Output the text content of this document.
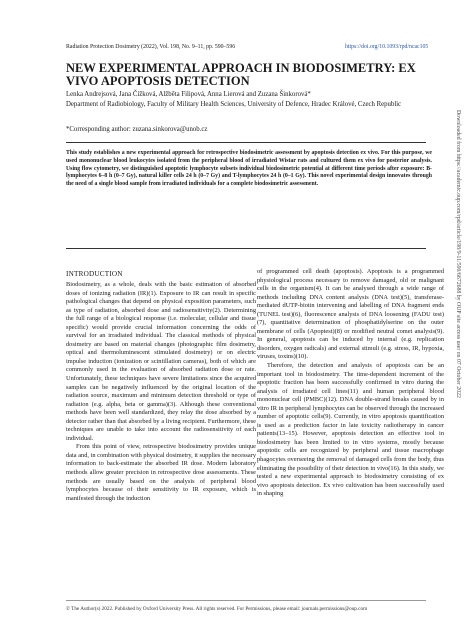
Radiation Protection Dosimetry (2022), Vol. 198, No. 9–11, pp. 590–596	https://doi.org/10.1093/rpd/ncac105
NEW EXPERIMENTAL APPROACH IN BIODOSIMETRY: EX VIVO APOPTOSIS DETECTION
Lenka Andrejsová, Jana Čížková, Alžběta Filipová, Anna Lierová and Zuzana Šinkorová*
Department of Radiobiology, Faculty of Military Health Sciences, University of Defence, Hradec Králové, Czech Republic
*Corresponding author: zuzana.sinkorova@unob.cz
This study establishes a new experimental approach for retrospective biodosimetric assessment by apoptosis detection ex vivo. For this purpose, we used mononuclear blood leukocytes isolated from the peripheral blood of irradiated Wistar rats and cultured them ex vivo for posterior analysis. Using flow cytometry, we distinguished apoptotic lymphocyte subsets individual biodosimetric potential at different time periods after exposure: B-lymphocytes 6–8 h (0–7 Gy), natural killer cells 24 h (0–7 Gy) and T-lymphocytes 24 h (0–1 Gy). This novel experimental design innovates through the need of a single blood sample from irradiated individuals for a complete biodosimetric assessment.
INTRODUCTION

Biodosimetry, as a whole, deals with the basic estimation of absorbed doses of ionizing radiation (IR)(1). Exposure to IR can result in specific pathological changes that depend on physical exposition parameters, such as type of radiation, absorbed dose and radiosensitivity(2). Determining the full range of a biological response (i.e. molecular, cellular and tissue specific) would provide crucial information concerning the odds of survival for an irradiated individual. The classical methods of physical dosimetry are based on material changes (photographic film dosimetry, optical and thermoluminescent stimulated dosimetry) or on electric impulse induction (ionization or scintillation cameras), both of which are commonly used in the evaluation of absorbed radiation dose or rate. Unfortunately, these techniques have severe limitations since the acquired samples can be negatively influenced by the original location of the radiation source, maximum and minimum detection threshold or type of radiation (e.g. alpha, beta or gamma)(3). Although these conventional methods have been well standardized, they relay the dose absorbed by a detector rather than that absorbed by a living recipient. Furthermore, these techniques are unable to take into account the radiosensitivity of each individual.

From this point of view, retrospective biodosimetry provides unique data and, in combination with physical dosimetry, it supplies the necessary information to back-estimate the absorbed IR dose. Modern laboratory methods allow greater precision in retrospective dose assessments. These methods are usually based on the analysis of peripheral blood lymphocytes because of their sensitivity to IR exposure, which is manifested through the induction

of programmed cell death (apoptosis). Apoptosis is a programmed physiological process necessary to remove damaged, old or malignant cells in the organism(4). It can be analysed through a wide range of methods including DNA content analysis (DNA test)(5), transferase-mediated dUTP-biotin intervening and labelling of DNA fragment ends (TUNEL test)(6), fluorescence analysis of DNA loosening (FADU test)(7), quantitative determination of phosphatidylserine on the outer membrane of cells (Apoptest)(8) or modified neutral comet analysis(9). In general, apoptosis can be induced by internal (e.g. replication disorders, oxygen radicals) and external stimuli (e.g. stress, IR, hypoxia, viruses, toxins)(10).

Therefore, the detection and analysis of apoptosis can be an important tool in biodosimetry. The time-dependent increment of the apoptotic fraction has been successfully confirmed in vitro during the analysis of irradiated cell lines(11) and human peripheral blood mononuclear cell (PMBC)(12). DNA double-strand breaks caused by in vitro IR in peripheral lymphocytes can be observed through the increased number of apoptotic cells(9). Currently, in vitro apoptosis quantification is used as a prediction factor in late toxicity radiotherapy in cancer patients(13–15). However, apoptosis detection an effective tool in biodosimetry has been limited to in vitro systems, mostly because apoptotic cells are recognized by peripheral and tissue macrophage phagocytes overseeing the removal of damaged cells from the body, thus eliminating the possibility of their detection in vivo(16). In this study, we tested a new experimental approach to biodosimetry consisting of ex vivo apoptosis detection. Ex vivo cultivation has been successfully used in shaping

Downloaded from https://academic.oup.com/rpd/article/198/9-11/590/6672688 by OUP site access user on 07 October 2022
© The Author(s) 2022. Published by Oxford University Press. All rights reserved. For Permissions, please email: journals.permissions@oup.com
